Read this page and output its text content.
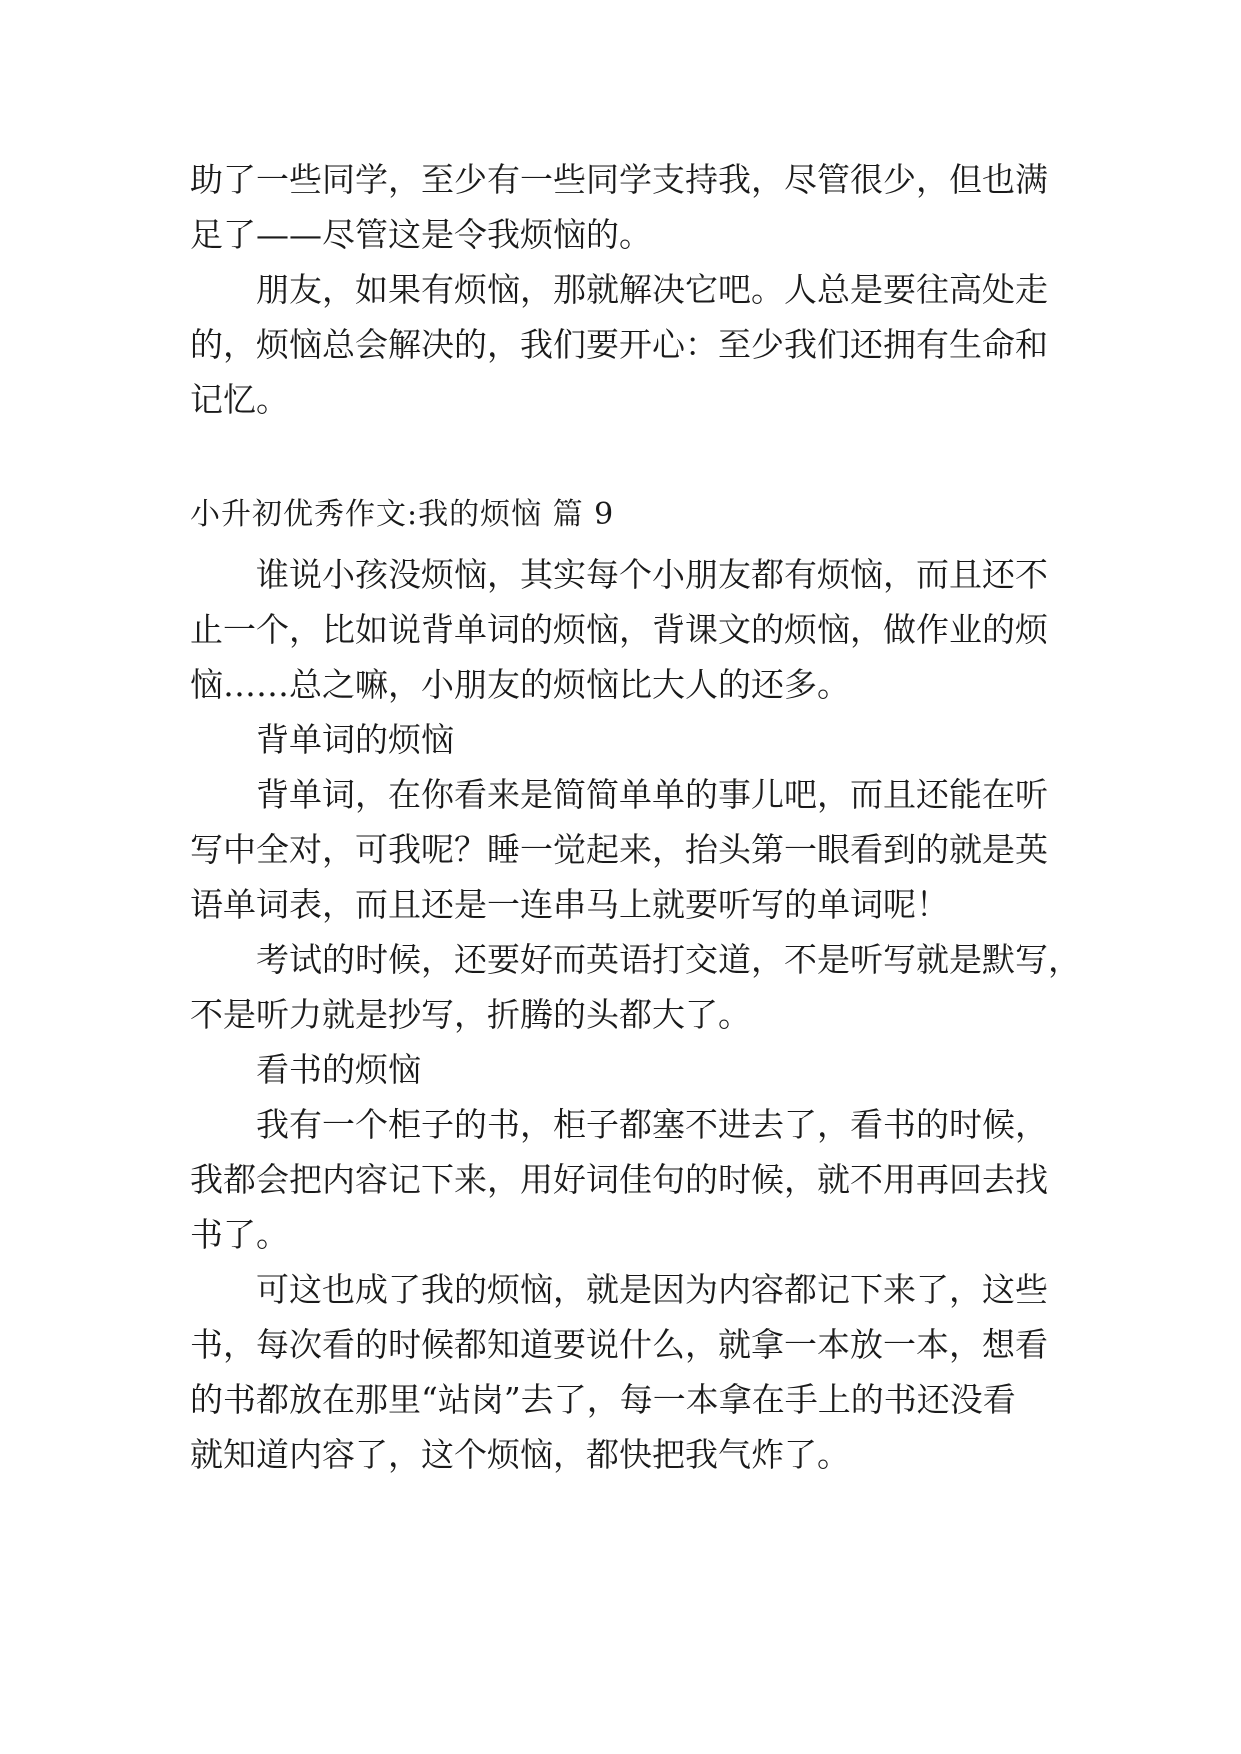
助了一些同学，至少有一些同学支持我，尽管很少，但也满
足了——尽管这是令我烦恼的。
朋友，如果有烦恼，那就解决它吧。人总是要往高处走
的，烦恼总会解决的，我们要开心：至少我们还拥有生命和
记忆。
小升初优秀作文:我的烦恼 篇 9
谁说小孩没烦恼，其实每个小朋友都有烦恼，而且还不
止一个，比如说背单词的烦恼，背课文的烦恼，做作业的烦
恼……总之嘛，小朋友的烦恼比大人的还多。
背单词的烦恼
背单词，在你看来是简简单单的事儿吧，而且还能在听
写中全对，可我呢？睡一觉起来，抬头第一眼看到的就是英
语单词表，而且还是一连串马上就要听写的单词呢！
考试的时候，还要好而英语打交道，不是听写就是默写，
不是听力就是抄写，折腾的头都大了。
看书的烦恼
我有一个柜子的书，柜子都塞不进去了，看书的时候，
我都会把内容记下来，用好词佳句的时候，就不用再回去找
书了。
可这也成了我的烦恼，就是因为内容都记下来了，这些
书，每次看的时候都知道要说什么，就拿一本放一本，想看
的书都放在那里“站岗”去了，每一本拿在手上的书还没看
就知道内容了，这个烦恼，都快把我气炸了。
